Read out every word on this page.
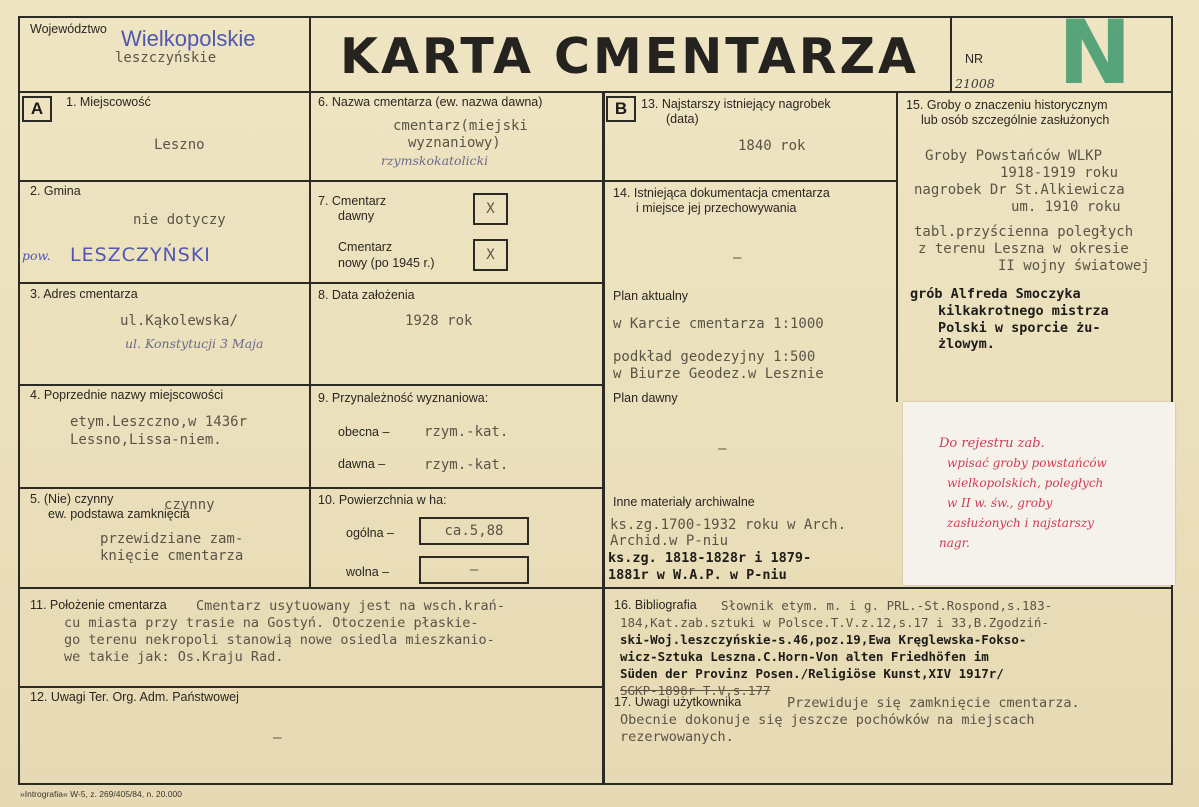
Województwo Wielkopolskie
leszczyńskie	KARTA CMENTARZA	NR
21008 N
A	B
1. Miejscowość
Leszno
2. Gmina
nie dotyczy
pow. LESZCZYŃSKI
3. Adres cmentarza
ul.Kąkolewska/
ul. Konstytucji 3 Maja
4. Poprzednie nazwy miejscowości
etym.Leszczno,w 1436r
Lessno,Lissa-niem.
5. (Nie) czynny
ew. podstawa zamknięcia
czynny
przewidziane zam-
knięcie cmentarza
6. Nazwa cmentarza (ew. nazwa dawna)
cmentarz(miejski
wyznaniowy)
rzymskokatolicki
7. Cmentarz
dawny	X
Cmentarz
nowy (po 1945 r.)	X
8. Data założenia
1928 rok
9. Przynależność wyznaniowa:
obecna – rzym.-kat.
dawna –	rzym.-kat.
10. Powierzchnia w ha:
ogólna –	ca.5,88
wolna –	–
13. Najstarszy istniejący nagrobek
(data)
1840 rok
14. Istniejąca dokumentacja cmentarza
i miejsce jej przechowywania
–
Plan aktualny
w Karcie cmentarza 1:1000
podkład geodezyjny 1:500
w Biurze Geodez.w Lesznie
Plan dawny
–
Inne materiały archiwalne
ks.zg.1700-1932 roku w Arch.
Archid.w P-niu
ks.zg. 1818-1828r i 1879-
1881r w W.A.P. w P-niu
15. Groby o znaczeniu historycznym
lub osób szczególnie zasłużonych
Groby Powstańców WLKP
1918-1919 roku
nagrobek Dr St.Alkiewicza
um. 1910 roku
tabl.przyścienna poległych
z terenu Leszna w okresie
II wojny światowej
grób Alfreda Smoczyka
kilkakrotnego mistrza
Polski w sporcie żu-
żlowym.
Do rejestru zab.
wpisać groby powstańców
wielkopolskich, poległych
w II w. św., groby
zasłużonych i najstarszy
nagr.
11. Położenie cmentarza Cmentarz usytuowany jest na wsch.krań-
cu miasta przy trasie na Gostyń. Otoczenie płaskie-
go terenu nekropoli stanowią nowe osiedla mieszkanio-
we takie jak: Os.Kraju Rad.
12. Uwagi Ter. Org. Adm. Państwowej
–
16. Bibliografia Słownik etym. m. i g. PRL.-St.Rospond,s.183-
184,Kat.zab.sztuki w Polsce.T.V.z.12,s.17 i 33,B.Zgodziń-
ski-Woj.leszczyńskie-s.46,poz.19,Ewa Kręglewska-Fokso-
wicz-Sztuka Leszna.C.Horn-Von alten Friedhöfen im
Süden der Provinz Posen./Religiöse Kunst,XIV 1917r/
SGKP-1898r T.V,s.177
17. Uwagi użytkownika	Przewiduje się zamknięcie cmentarza.
Obecnie dokonuje się jeszcze pochówków na miejscach
rezerwowanych.
»Intrografia« W-5, z. 269/405/84, n. 20.000
